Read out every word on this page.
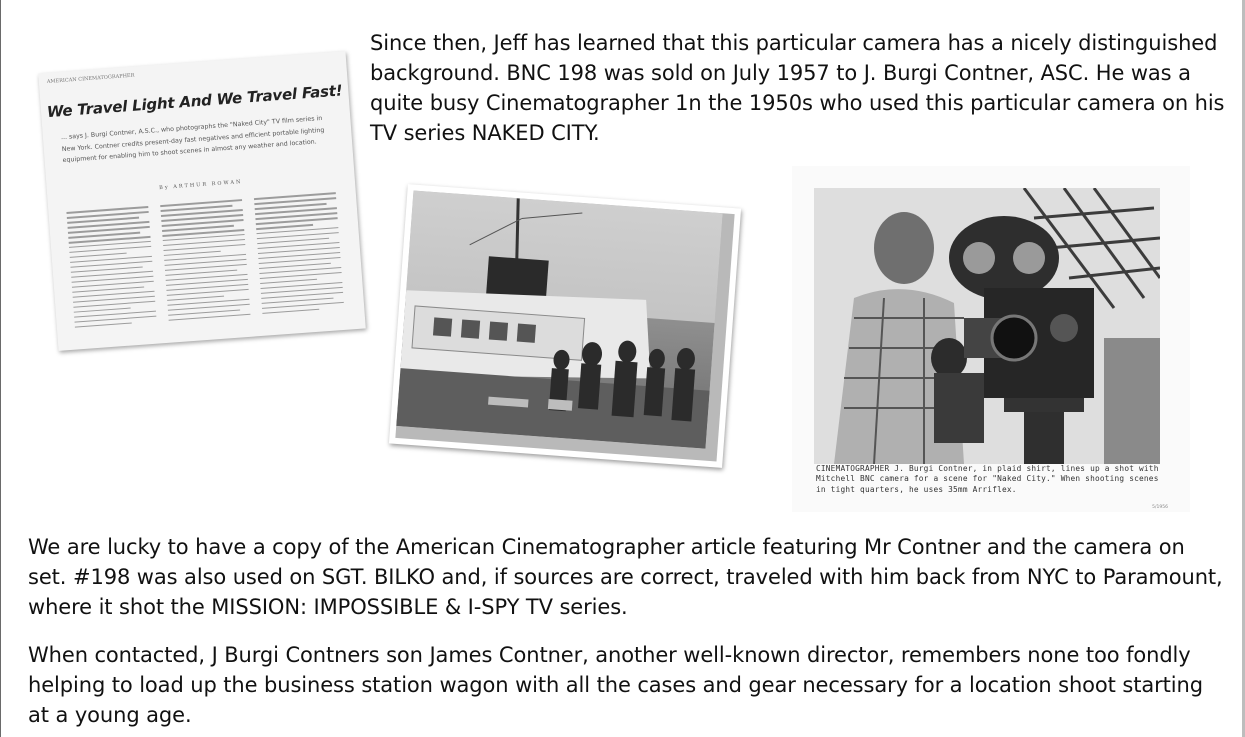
AMERICAN CINEMATOGRAPHER
We Travel Light And We Travel Fast!
... says J. Burgi Contner, A.S.C., who photographs the "Naked City" TV film series in New York. Contner credits present-day fast negatives and efficient portable lighting equipment for enabling him to shoot scenes in almost any weather and location.
By ARTHUR ROWAN
CINEMATOGRAPHER J. Burgi Contner, in plaid shirt, lines up a shot with Mitchell BNC camera for a scene for "Naked City." When shooting scenes in tight quarters, he uses 35mm Arriflex.
5/1956
Since then, Jeff has learned that this particular camera has a nicely distinguished background. BNC 198 was sold on July 1957 to J. Burgi Contner, ASC. He was a quite busy Cinematographer 1n the 1950s who used this particular camera on his TV series NAKED CITY.
We are lucky to have a copy of the American Cinematographer article featuring Mr Contner and the camera on set. #198 was also used on SGT. BILKO and, if sources are correct, traveled with him back from NYC to Paramount, where it shot the MISSION: IMPOSSIBLE & I-SPY TV series.
When contacted, J Burgi Contners son James Contner, another well-known director, remembers none too fondly helping to load up the business station wagon with all the cases and gear necessary for a location shoot starting at a young age.
